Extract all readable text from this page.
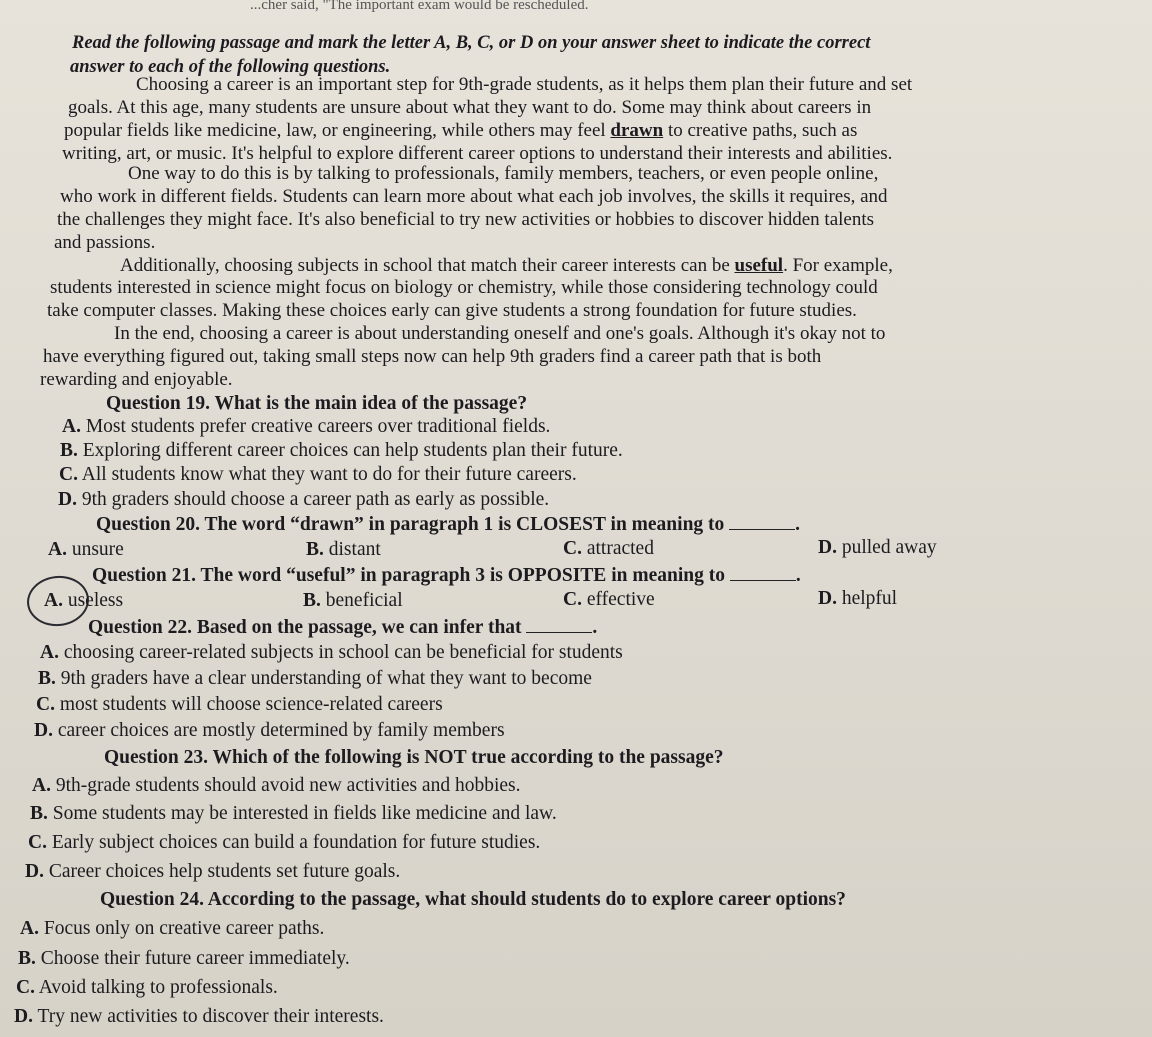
...cher said, "The important exam would be rescheduled.
Read the following passage and mark the letter A, B, C, or D on your answer sheet to indicate the correct
answer to each of the following questions.
Choosing a career is an important step for 9th-grade students, as it helps them plan their future and set
goals. At this age, many students are unsure about what they want to do. Some may think about careers in
popular fields like medicine, law, or engineering, while others may feel drawn to creative paths, such as
writing, art, or music. It's helpful to explore different career options to understand their interests and abilities.
One way to do this is by talking to professionals, family members, teachers, or even people online,
who work in different fields. Students can learn more about what each job involves, the skills it requires, and
the challenges they might face. It's also beneficial to try new activities or hobbies to discover hidden talents
and passions.
Additionally, choosing subjects in school that match their career interests can be useful. For example,
students interested in science might focus on biology or chemistry, while those considering technology could
take computer classes. Making these choices early can give students a strong foundation for future studies.
In the end, choosing a career is about understanding oneself and one's goals. Although it's okay not to
have everything figured out, taking small steps now can help 9th graders find a career path that is both
rewarding and enjoyable.
Question 19. What is the main idea of the passage?
A. Most students prefer creative careers over traditional fields.
B. Exploring different career choices can help students plan their future.
C. All students know what they want to do for their future careers.
D. 9th graders should choose a career path as early as possible.
Question 20. The word “drawn” in paragraph 1 is CLOSEST in meaning to	.
A. unsure	B. distant	C. attracted	D. pulled away
Question 21. The word “useful” in paragraph 3 is OPPOSITE in meaning to	.
A. useless	B. beneficial	C. effective	D. helpful
Question 22. Based on the passage, we can infer that	.
A. choosing career-related subjects in school can be beneficial for students
B. 9th graders have a clear understanding of what they want to become
C. most students will choose science-related careers
D. career choices are mostly determined by family members
Question 23. Which of the following is NOT true according to the passage?
A. 9th-grade students should avoid new activities and hobbies.
B. Some students may be interested in fields like medicine and law.
C. Early subject choices can build a foundation for future studies.
D. Career choices help students set future goals.
Question 24. According to the passage, what should students do to explore career options?
A. Focus only on creative career paths.
B. Choose their future career immediately.
C. Avoid talking to professionals.
D. Try new activities to discover their interests.
